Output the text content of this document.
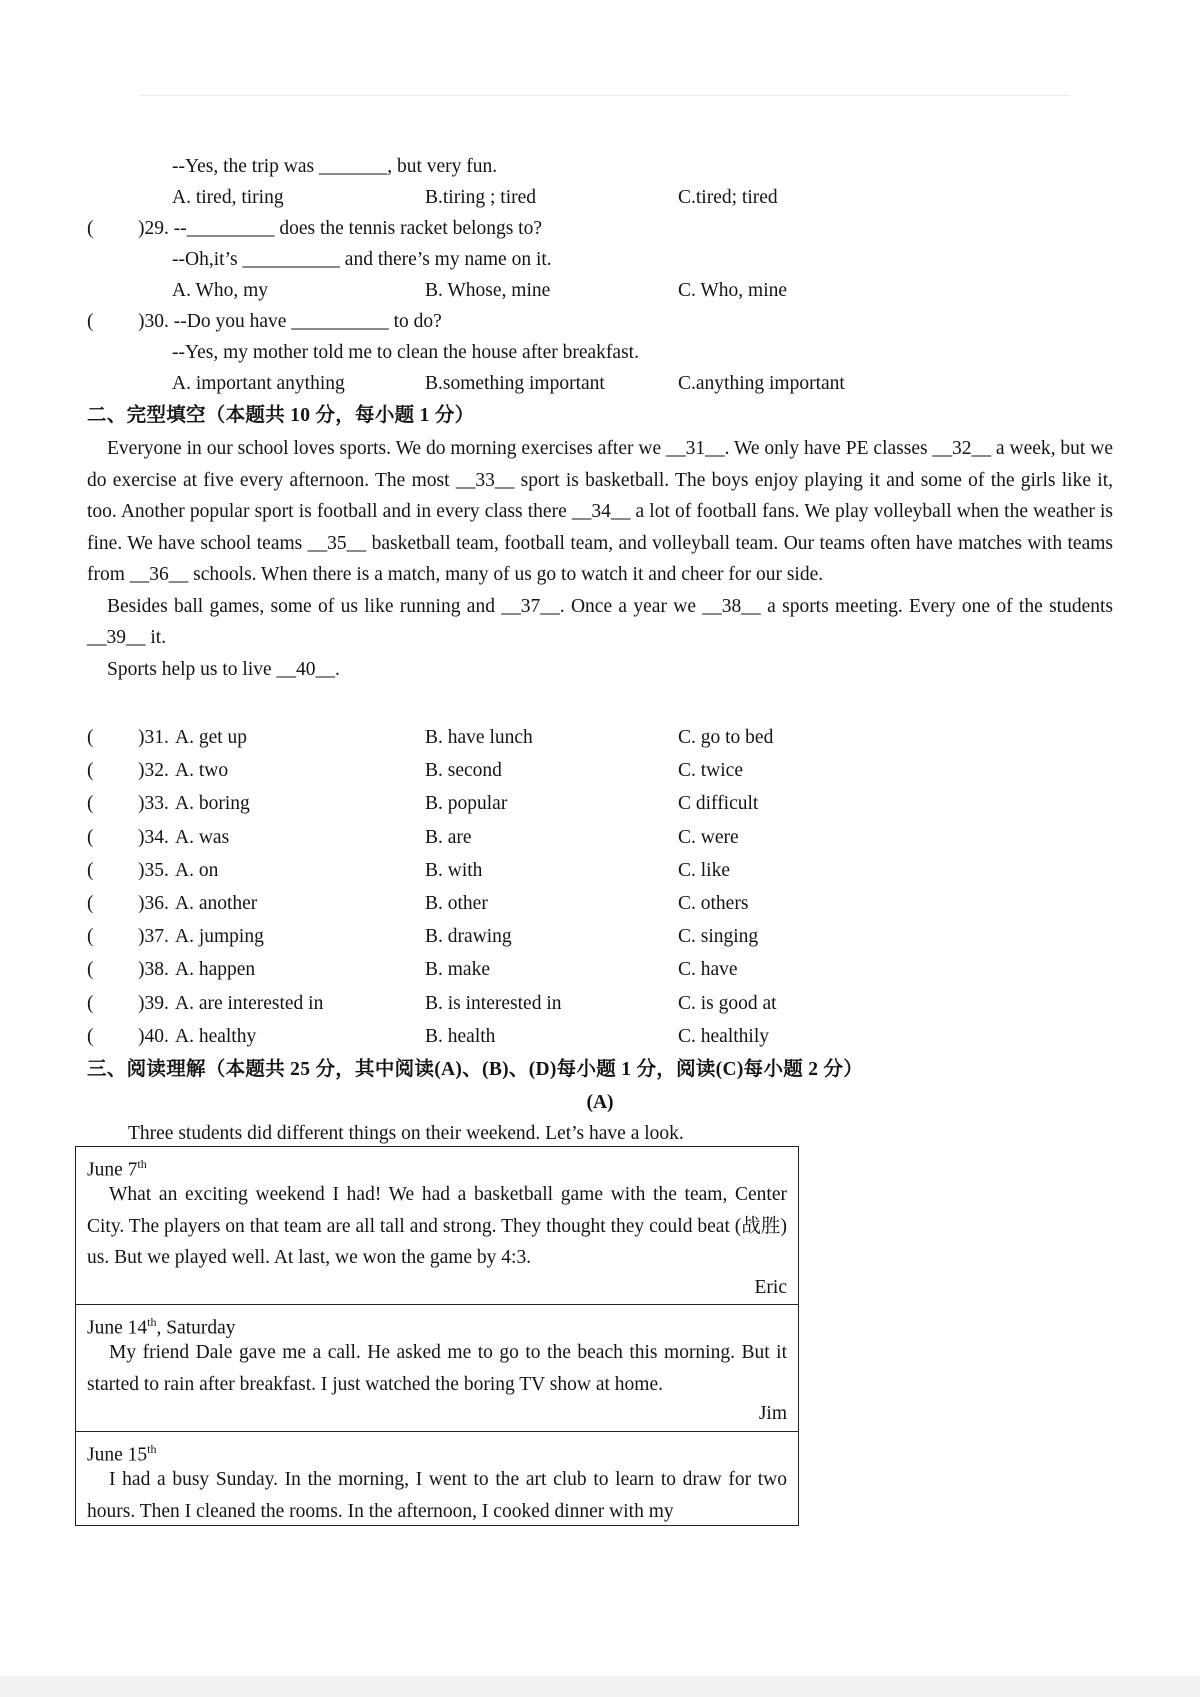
--Yes, the trip was _______, but very fun.
A. tired, tiring	B.tiring ; tired	C.tired; tired
( )29. --_________ does the tennis racket belongs to?
--Oh,it’s __________ and there’s my name on it.
A. Who, my	B. Whose, mine	C. Who, mine
( )30. --Do you have __________ to do?
--Yes, my mother told me to clean the house after breakfast.
A. important anything	B.something important	C.anything important
二、完型填空（本题共 10 分，每小题 1 分）

Everyone in our school loves sports. We do morning exercises after we __31__. We only have PE classes __32__ a week, but we do exercise at five every afternoon. The most __33__ sport is basketball. The boys enjoy playing it and some of the girls like it, too. Another popular sport is football and in every class there __34__ a lot of football fans. We play volleyball when the weather is fine. We have school teams __35__ basketball team, football team, and volleyball team. Our teams often have matches with teams from __36__ schools. When there is a match, many of us go to watch it and cheer for our side.

Besides ball games, some of us like running and __37__. Once a year we __38__ a sports meeting. Every one of the students __39__ it.

Sports help us to live __40__.

( )31. A. get up	B. have lunch	C. go to bed
( )32. A. two	B. second	C. twice
( )33. A. boring	B. popular	C difficult
( )34. A. was	B. are	C. were
( )35. A. on	B. with	C. like
( )36. A. another	B. other	C. others
( )37. A. jumping	B. drawing	C. singing
( )38. A. happen	B. make	C. have
( )39. A. are interested in	B. is interested in	C. is good at
( )40. A. healthy	B. health	C. healthily
三、阅读理解（本题共 25 分，其中阅读(A)、(B)、(D)每小题 1 分，阅读(C)每小题 2 分）
(A)
Three students did different things on their weekend. Let’s have a look.
June 7th
What an exciting weekend I had! We had a basketball game with the team, Center City. The players on that team are all tall and strong. They thought they could beat (战胜) us. But we played well. At last, we won the game by 4:3.
Eric
June 14th, Saturday
My friend Dale gave me a call. He asked me to go to the beach this morning. But it started to rain after breakfast. I just watched the boring TV show at home.
Jim
June 15th
I had a busy Sunday. In the morning, I went to the art club to learn to draw for two hours. Then I cleaned the rooms. In the afternoon, I cooked dinner with my
